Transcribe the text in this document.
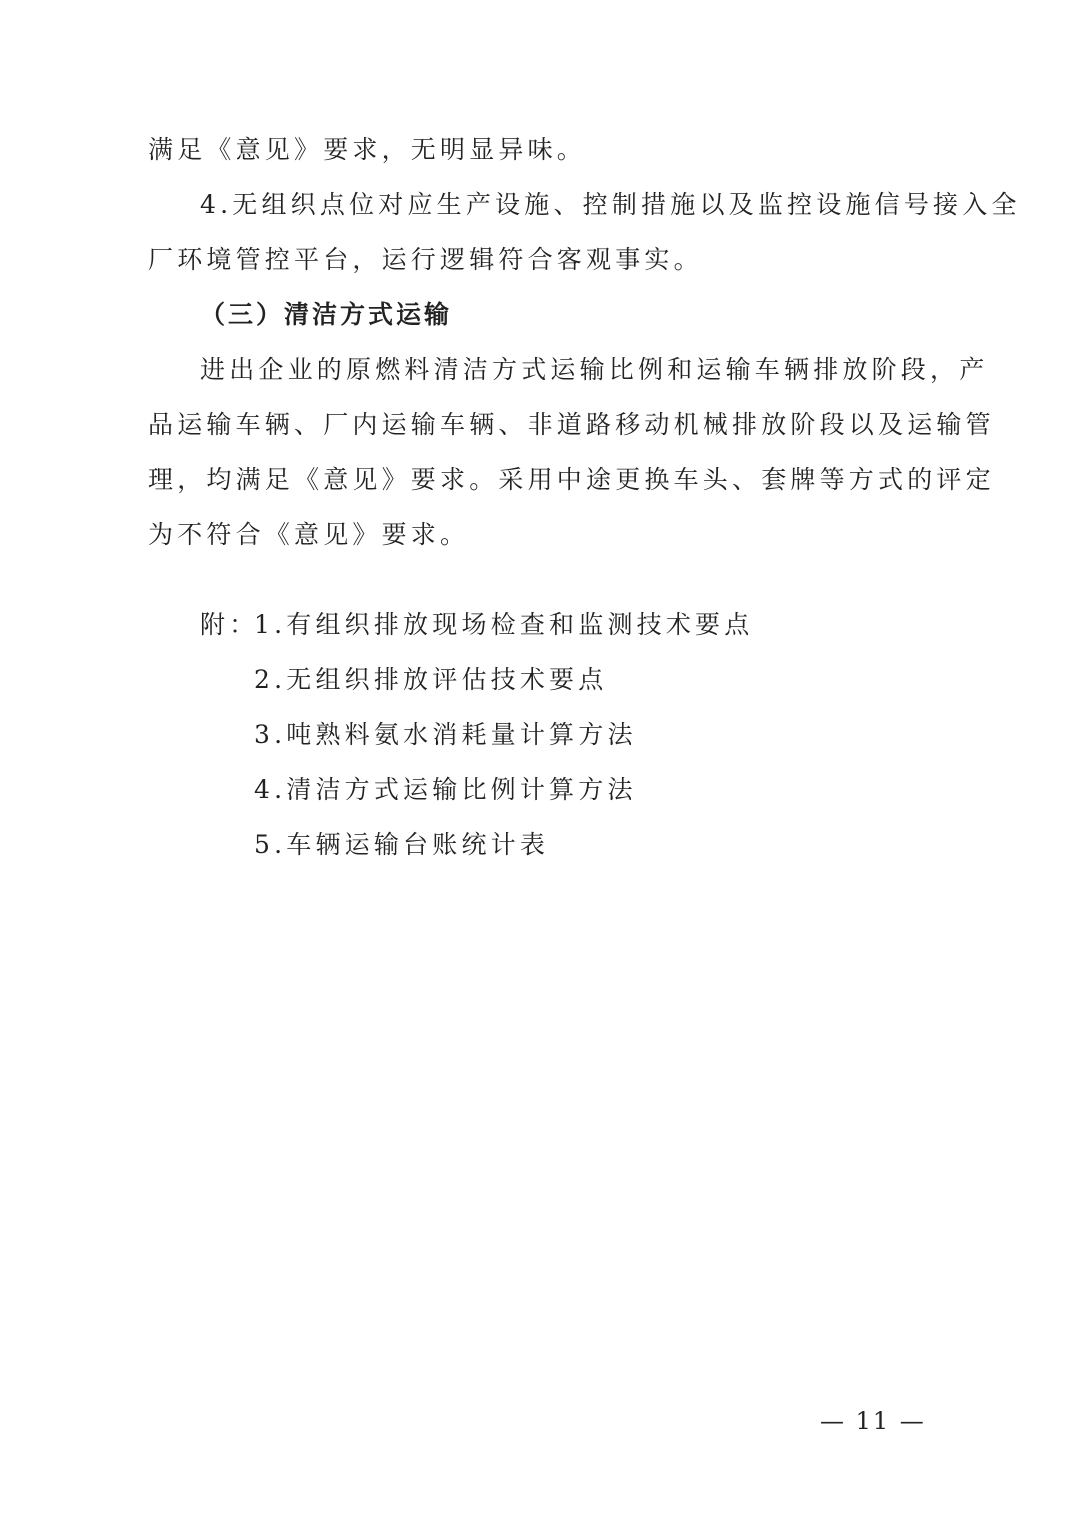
满足《意见》要求，无明显异味。
4.无组织点位对应生产设施、控制措施以及监控设施信号接入全
厂环境管控平台，运行逻辑符合客观事实。
（三）清洁方式运输
进出企业的原燃料清洁方式运输比例和运输车辆排放阶段，产
品运输车辆、厂内运输车辆、非道路移动机械排放阶段以及运输管
理，均满足《意见》要求。采用中途更换车头、套牌等方式的评定
为不符合《意见》要求。
附：
1.有组织排放现场检查和监测技术要点
2.无组织排放评估技术要点
3.吨熟料氨水消耗量计算方法
4.清洁方式运输比例计算方法
5.车辆运输台账统计表
— 11 —
